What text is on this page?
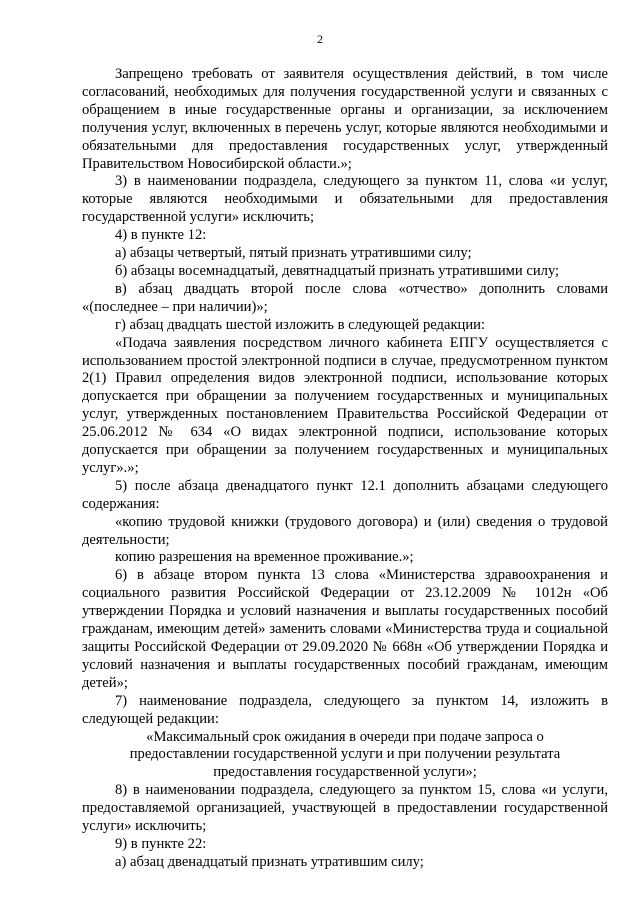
2

Запрещено требовать от заявителя осуществления действий, в том числе согласований, необходимых для получения государственной услуги и связанных с обращением в иные государственные органы и организации, за исключением получения услуг, включенных в перечень услуг, которые являются необходимыми и обязательными для предоставления государственных услуг, утвержденный Правительством Новосибирской области.»;

3) в наименовании подраздела, следующего за пунктом 11, слова «и услуг, которые являются необходимыми и обязательными для предоставления государственной услуги» исключить;

4) в пункте 12:

а) абзацы четвертый, пятый признать утратившими силу;

б) абзацы восемнадцатый, девятнадцатый признать утратившими силу;

в) абзац двадцать второй после слова «отчество» дополнить словами «(последнее – при наличии)»;

г) абзац двадцать шестой изложить в следующей редакции:

«Подача заявления посредством личного кабинета ЕПГУ осуществляется с использованием простой электронной подписи в случае, предусмотренном пунктом 2(1) Правил определения видов электронной подписи, использование которых допускается при обращении за получением государственных и муниципальных услуг, утвержденных постановлением Правительства Российской Федерации от 25.06.2012 № 634 «О видах электронной подписи, использование которых допускается при обращении за получением государственных и муниципальных услуг».»;

5) после абзаца двенадцатого пункт 12.1 дополнить абзацами следующего содержания:

«копию трудовой книжки (трудового договора) и (или) сведения о трудовой деятельности;

копию разрешения на временное проживание.»;

6) в абзаце втором пункта 13 слова «Министерства здравоохранения и социального развития Российской Федерации от 23.12.2009 № 1012н «Об утверждении Порядка и условий назначения и выплаты государственных пособий гражданам, имеющим детей» заменить словами «Министерства труда и социальной защиты Российской Федерации от 29.09.2020 № 668н «Об утверждении Порядка и условий назначения и выплаты государственных пособий гражданам, имеющим детей»;

7) наименование подраздела, следующего за пунктом 14, изложить в следующей редакции:

«Максимальный срок ожидания в очереди при подаче запроса о предоставлении государственной услуги и при получении результата предоставления государственной услуги»;

8) в наименовании подраздела, следующего за пунктом 15, слова «и услуги, предоставляемой организацией, участвующей в предоставлении государственной услуги» исключить;

9) в пункте 22:

а) абзац двенадцатый признать утратившим силу;
